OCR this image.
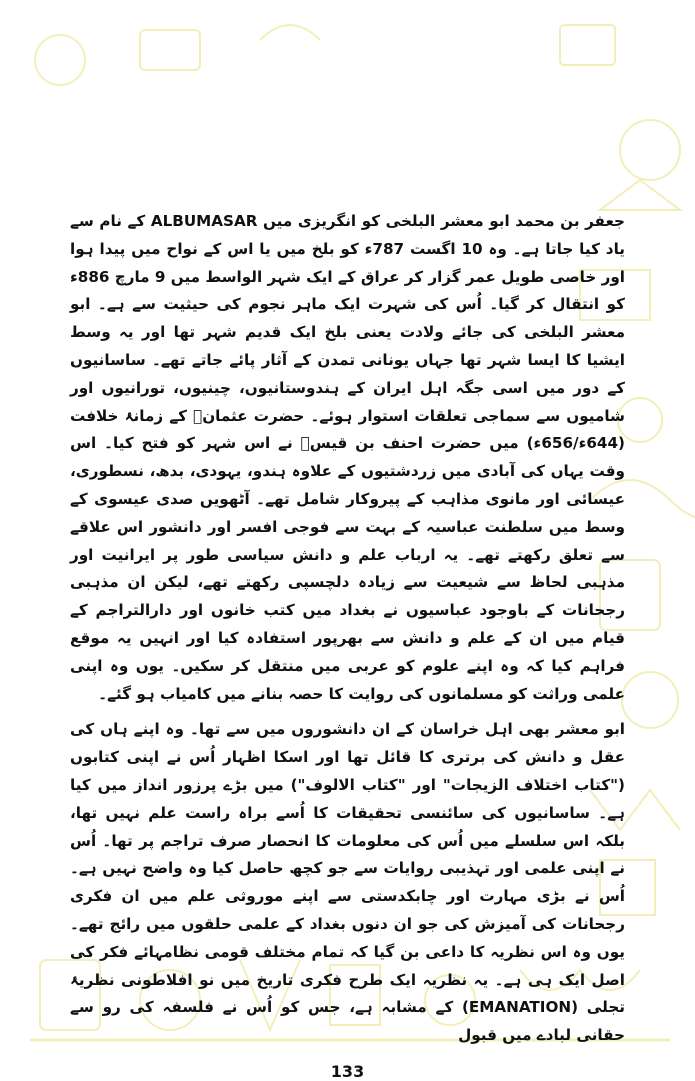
جعفر بن محمد ابو معشر البلخی کو انگریزی میں ALBUMASAR کے نام سے یاد کیا جاتا ہے۔ وہ 10 اگست 787ء کو بلخ میں یا اس کے نواح میں پیدا ہوا اور خاصی طویل عمر گزار کر عراق کے ایک شہر الواسط میں 9 مارچ 886ء کو انتقال کر گیا۔ اُس کی شہرت ایک ماہر نجوم کی حیثیت سے ہے۔ ابو معشر البلخی کی جائے ولادت یعنی بلخ ایک قدیم شہر تھا اور یہ وسط ایشیا کا ایسا شہر تھا جہاں یونانی تمدن کے آثار پائے جاتے تھے۔ ساسانیوں کے دور میں اسی جگہ اہل ایران کے ہندوستانیوں، چینیوں، تورانیوں اور شامیوں سے سماجی تعلقات استوار ہوئے۔ حضرت عثمانؓ کے زمانۂ خلافت (644ء/656ء) میں حضرت احنف بن قیسؓ نے اس شہر کو فتح کیا۔ اس وقت یہاں کی آبادی میں زردشتیوں کے علاوہ ہندو، یہودی، بدھ، نسطوری، عیسائی اور مانوی مذاہب کے پیروکار شامل تھے۔ آٹھویں صدی عیسوی کے وسط میں سلطنت عباسیہ کے بہت سے فوجی افسر اور دانشور اس علاقے سے تعلق رکھتے تھے۔ یہ ارباب علم و دانش سیاسی طور پر ایرانیت اور مذہبی لحاظ سے شیعیت سے زیادہ دلچسپی رکھتے تھے، لیکن ان مذہبی رجحانات کے باوجود عباسیوں نے بغداد میں کتب خانوں اور دارالتراجم کے قیام میں ان کے علم و دانش سے بھرپور استفادہ کیا اور انہیں یہ موقع فراہم کیا کہ وہ اپنے علوم کو عربی میں منتقل کر سکیں۔ یوں وہ اپنی علمی وراثت کو مسلمانوں کی روایت کا حصہ بنانے میں کامیاب ہو گئے۔

ابو معشر بھی اہل خراسان کے ان دانشوروں میں سے تھا۔ وہ اپنے ہاں کی عقل و دانش کی برتری کا قائل تھا اور اسکا اظہار اُس نے اپنی کتابوں ("کتاب اختلاف الزیجات" اور "کتاب الالوف") میں بڑے پرزور انداز میں کیا ہے۔ ساسانیوں کی سائنسی تحقیقات کا اُسے براہ راست علم نہیں تھا، بلکہ اس سلسلے میں اُس کی معلومات کا انحصار صرف تراجم پر تھا۔ اُس نے اپنی علمی اور تہذیبی روایات سے جو کچھ حاصل کیا وہ واضح نہیں ہے۔ اُس نے بڑی مہارت اور چابکدستی سے اپنے موروثی علم میں ان فکری رجحانات کی آمیزش کی جو ان دنوں بغداد کے علمی حلقوں میں رائج تھے۔ یوں وہ اس نظریہ کا داعی بن گیا کہ تمام مختلف قومی نظامہائے فکر کی اصل ایک ہی ہے۔ یہ نظریہ ایک طرح فکری تاریخ میں نو افلاطونی نظریۂ تجلی (EMANATION) کے مشابہ ہے، جس کو اُس نے فلسفہ کی رو سے حقانی لبادے میں قبول

133
